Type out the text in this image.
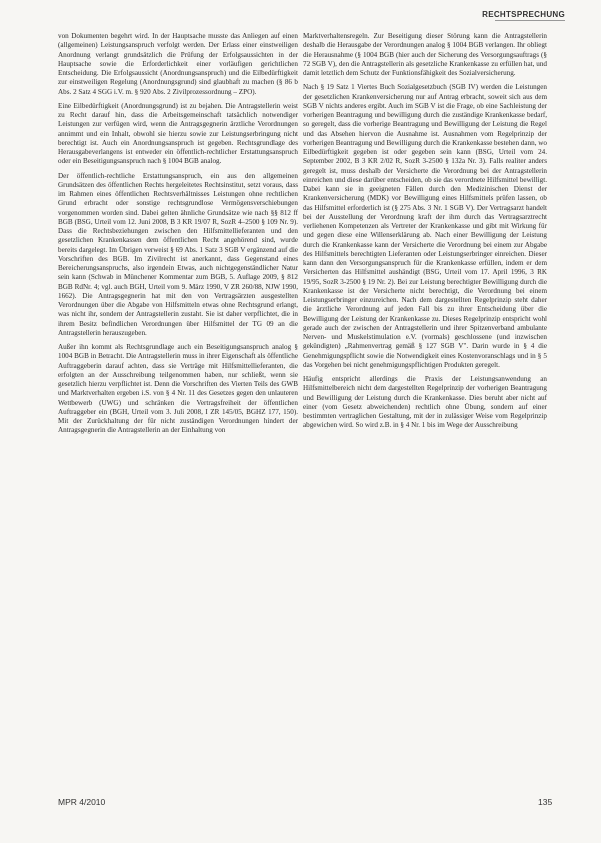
RECHTSPRECHUNG

von Dokumenten begehrt wird. In der Hauptsache musste das Anliegen auf einen (allgemeinen) Leistungsanspruch verfolgt werden. Der Erlass einer einstweiligen Anordnung verlangt grundsätzlich die Prüfung der Erfolgsaussichten in der Hauptsache sowie die Erforderlichkeit einer vorläufigen gerichtlichen Entscheidung. Die Erfolgsaussicht (Anordnungsanspruch) und die Eilbedürftigkeit zur einstweiligen Regelung (Anordnungsgrund) sind glaubhaft zu machen (§ 86 b Abs. 2 Satz 4 SGG i.V. m. § 920 Abs. 2 Zivilprozessordnung – ZPO).

Eine Eilbedürftigkeit (Anordnungsgrund) ist zu bejahen. Die Antragstellerin weist zu Recht darauf hin, dass die Arbeitsgemeinschaft tatsächlich notwendiger Leistungen zur verfügen wird, wenn die Antragsgegnerin ärztliche Verordnungen annimmt und ein Inhalt, obwohl sie hierzu sowie zur Leistungserbringung nicht berechtigt ist. Auch ein Anordnungsanspruch ist gegeben. Rechtsgrundlage des Herausgabeverlangens ist entweder ein öffentlich-rechtlicher Erstattungsanspruch oder ein Beseitigungsanspruch nach § 1004 BGB analog.

Der öffentlich-rechtliche Erstattungsanspruch, ein aus den allgemeinen Grundsätzen des öffentlichen Rechts hergeleitetes Rechtsinstitut, setzt voraus, dass im Rahmen eines öffentlichen Rechtsverhältnisses Leistungen ohne rechtlichen Grund erbracht oder sonstige rechtsgrundlose Vermögensverschiebungen vorgenommen worden sind. Dabei gelten ähnliche Grundsätze wie nach §§ 812 ff BGB (BSG, Urteil vom 12. Juni 2008, B 3 KR 19/07 R, SozR 4–2500 § 109 Nr. 9). Dass die Rechtsbeziehungen zwischen den Hilfsmittellieferanten und den gesetzlichen Krankenkassen dem öffentlichen Recht angehörend sind, wurde bereits dargelegt. Im Übrigen verweist § 69 Abs. 1 Satz 3 SGB V ergänzend auf die Vorschriften des BGB. Im Zivilrecht ist anerkannt, dass Gegenstand eines Bereicherungsanspruchs, also irgendein Etwas, auch nichtgegenständlicher Natur sein kann (Schwab in Münchener Kommentar zum BGB, 5. Auflage 2009, § 812 BGB RdNr. 4; vgl. auch BGH, Urteil vom 9. März 1990, V ZR 260/88, NJW 1990, 1662). Die Antragsgegnerin hat mit den von Vertragsärzten ausgestellten Verordnungen über die Abgabe von Hilfsmitteln etwas ohne Rechtsgrund erlangt, was nicht ihr, sondern der Antragstellerin zustaht. Sie ist daher verpflichtet, die in ihrem Besitz befindlichen Verordnungen über Hilfsmittel der TG 09 an die Antragstellerin herauszugeben.

Außer ihn kommt als Rechtsgrundlage auch ein Beseitigungsanspruch analog § 1004 BGB in Betracht. Die Antragstellerin muss in ihrer Eigenschaft als öffentliche Auftraggeberin darauf achten, dass sie Verträge mit Hilfsmittellieferanten, die erfolgten an der Ausschreibung teilgenommen haben, nur schließt, wenn sie gesetzlich hierzu verpflichtet ist. Denn die Vorschriften des Vierten Teils des GWB und Marktverhalten ergeben i.S. von § 4 Nr. 11 des Gesetzes gegen den unlauteren Wettbewerb (UWG) und schränken die Vertragsfreiheit der öffentlichen Auftraggeber ein (BGH, Urteil vom 3. Juli 2008, I ZR 145/05, BGHZ 177, 150). Mit der Zurückhaltung der für nicht zuständigen Verordnungen hindert der Antragsgegnerin die Antragstellerin an der Einhaltung von

Marktverhaltensregeln. Zur Beseitigung dieser Störung kann die Antragstellerin deshalb die Herausgabe der Verordnungen analog § 1004 BGB verlangen. Ihr obliegt die Herausnahme (§ 1004 BGB (hier auch der Sicherung des Versorgungsauftrags (§ 72 SGB V), den die Antragstellerin als gesetzliche Krankenkasse zu erfüllen hat, und damit letztlich dem Schutz der Funktionsfähigkeit des Sozialversicherung.

Nach § 19 Satz 1 Viertes Buch Sozialgesetzbuch (SGB IV) werden die Leistungen der gesetzlichen Krankenversicherung nur auf Antrag erbracht, soweit sich aus dem SGB V nichts anderes ergibt. Auch im SGB V ist die Frage, ob eine Sachleistung der vorherigen Beantragung und bewilligung durch die zuständige Krankenkasse bedarf, so geregelt, dass die vorherige Beantragung und Bewilligung der Leistung die Regel und das Absehen hiervon die Ausnahme ist. Ausnahmen vom Regelprinzip der vorherigen Beantragung und Bewilligung durch die Krankenkasse bestehen dann, wo Eilbedürftigkeit gegeben ist oder gegeben sein kann (BSG, Urteil vom 24. September 2002, B 3 KR 2/02 R, SozR 3-2500 § 132a Nr. 3). Falls realiter anders geregelt ist, muss deshalb der Versicherte die Verordnung bei der Antragstellerin einreichen und diese darüber entscheiden, ob sie das verordnete Hilfsmittel bewilligt. Dabei kann sie in geeigneten Fällen durch den Medizinischen Dienst der Krankenversicherung (MDK) vor Bewilligung eines Hilfsmittels prüfen lassen, ob das Hilfsmittel erforderlich ist (§ 275 Abs. 3 Nr. 1 SGB V). Der Vertragsarzt handelt bei der Ausstellung der Verordnung kraft der ihm durch das Vertragsarztrecht verliehenen Kompetenzen als Vertreter der Krankenkasse und gibt mit Wirkung für und gegen diese eine Willenserklärung ab. Nach einer Bewilligung der Leistung durch die Krankenkasse kann der Versicherte die Verordnung bei einem zur Abgabe des Hilfsmittels berechtigten Lieferanten oder Leistungserbringer einreichen. Dieser kann dann den Versorgungsanspruch für die Krankenkasse erfüllen, indem er dem Versicherten das Hilfsmittel aushändigt (BSG, Urteil vom 17. April 1996, 3 RK 19/95, SozR 3-2500 § 19 Nr. 2). Bei zur Leistung berechtigter Bewilligung durch die Krankenkasse ist der Versicherte nicht berechtigt, die Verordnung bei einem Leistungserbringer einzureichen. Nach dem dargestellten Regelprinzip steht daher die ärztliche Verordnung auf jeden Fall bis zu ihrer Entscheidung über die Bewilligung der Leistung der Krankenkasse zu. Dieses Regelprinzip entspricht wohl gerade auch der zwischen der Antragstellerin und ihrer Spitzenverband ambulante Nerven- und Muskelstimulation e.V. (vormals) geschlossene (und inzwischen gekündigten) „Rahmenvertrag gemäß § 127 SGB V". Darin wurde in § 4 die Genehmigungspflicht sowie die Notwendigkeit eines Kostenvoranschlags und in § 5 das Vorgehen bei nicht genehmigungspflichtigen Produkten geregelt.

Häufig entspricht allerdings die Praxis der Leistungsanwendung an Hilfsmittelbereich nicht dem dargestellten Regelprinzip der vorherigen Beantragung und Bewilligung der Leistung durch die Krankenkasse. Dies beruht aber nicht auf einer (vom Gesetz abweichenden) rechtlich ohne Übung, sondern auf einer bestimmten vertraglichen Gestaltung, mit der in zulässiger Weise vom Regelprinzip abgewichen wird. So wird z.B. in § 4 Nr. 1 bis im Wege der Ausschreibung

MPR 4/2010	135
